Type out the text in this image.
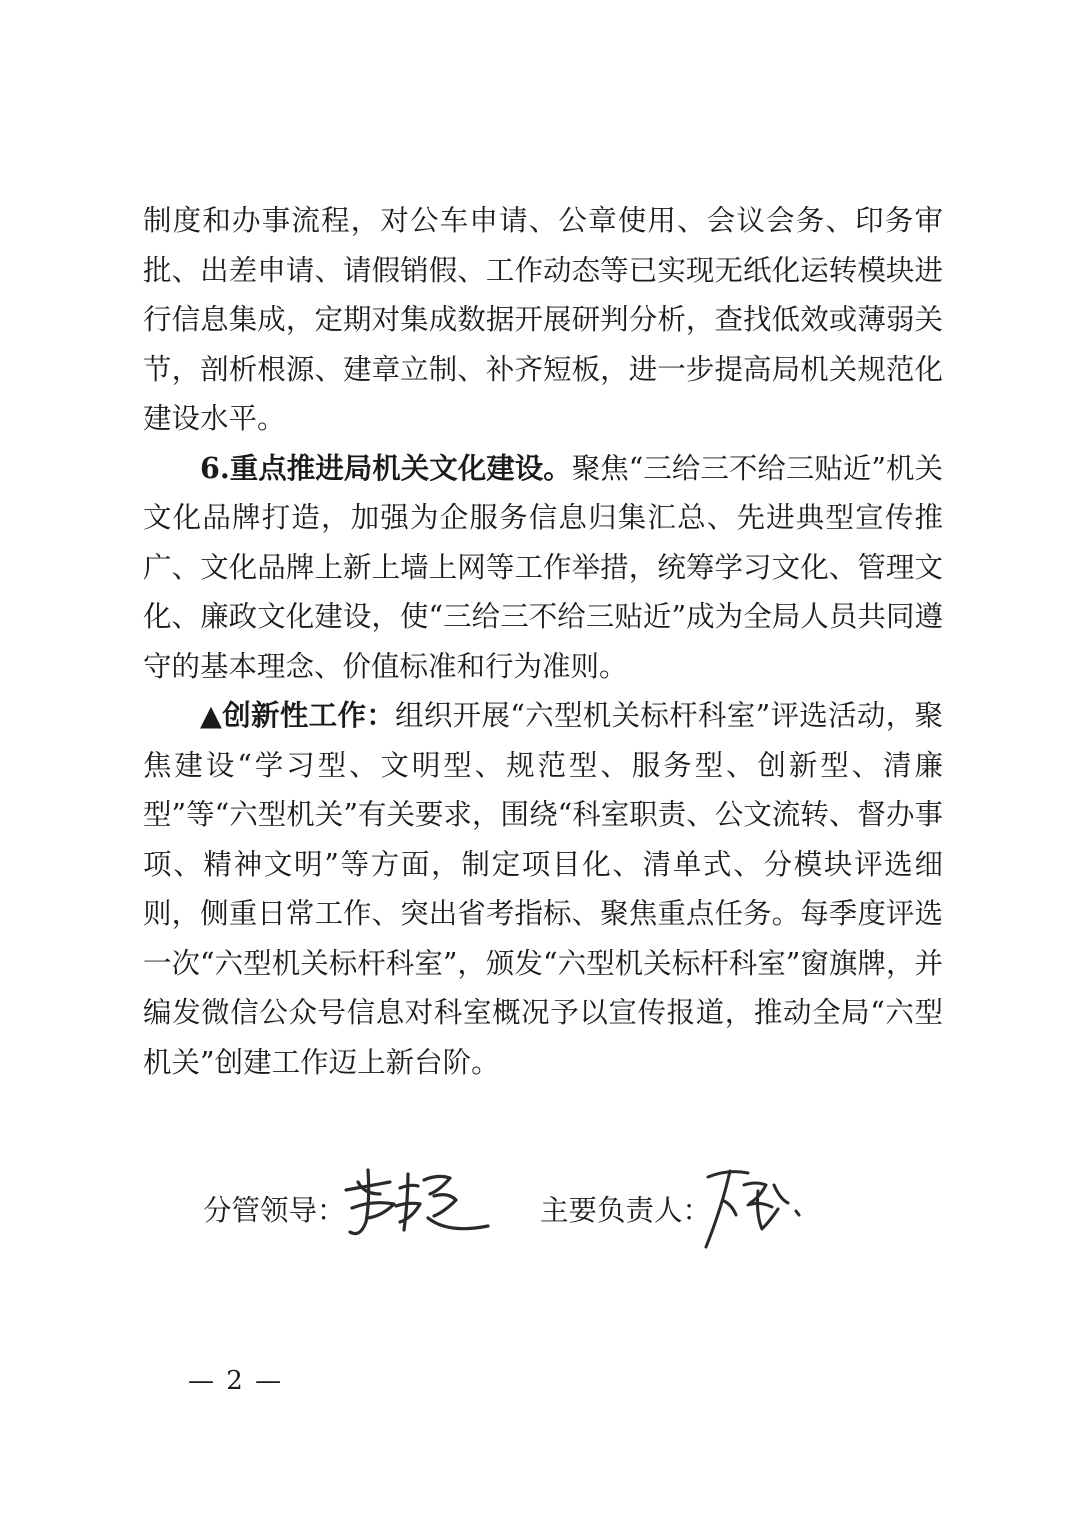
制度和办事流程，对公车申请、公章使用、会议会务、印务审批、出差申请、请假销假、工作动态等已实现无纸化运转模块进行信息集成，定期对集成数据开展研判分析，查找低效或薄弱关节，剖析根源、建章立制、补齐短板，进一步提高局机关规范化建设水平。

6.重点推进局机关文化建设。聚焦“三给三不给三贴近”机关文化品牌打造，加强为企服务信息归集汇总、先进典型宣传推广、文化品牌上新上墙上网等工作举措，统筹学习文化、管理文化、廉政文化建设，使“三给三不给三贴近”成为全局人员共同遵守的基本理念、价值标准和行为准则。

▲创新性工作：组织开展“六型机关标杆科室”评选活动，聚焦建设“学习型、文明型、规范型、服务型、创新型、清廉型”等“六型机关”有关要求，围绕“科室职责、公文流转、督办事项、精神文明”等方面，制定项目化、清单式、分模块评选细则，侧重日常工作、突出省考指标、聚焦重点任务。每季度评选一次“六型机关标杆科室”，颁发“六型机关标杆科室”窗旗牌，并编发微信公众号信息对科室概况予以宣传报道，推动全局“六型机关”创建工作迈上新台阶。

分管领导：	主要负责人：
— 2 —
